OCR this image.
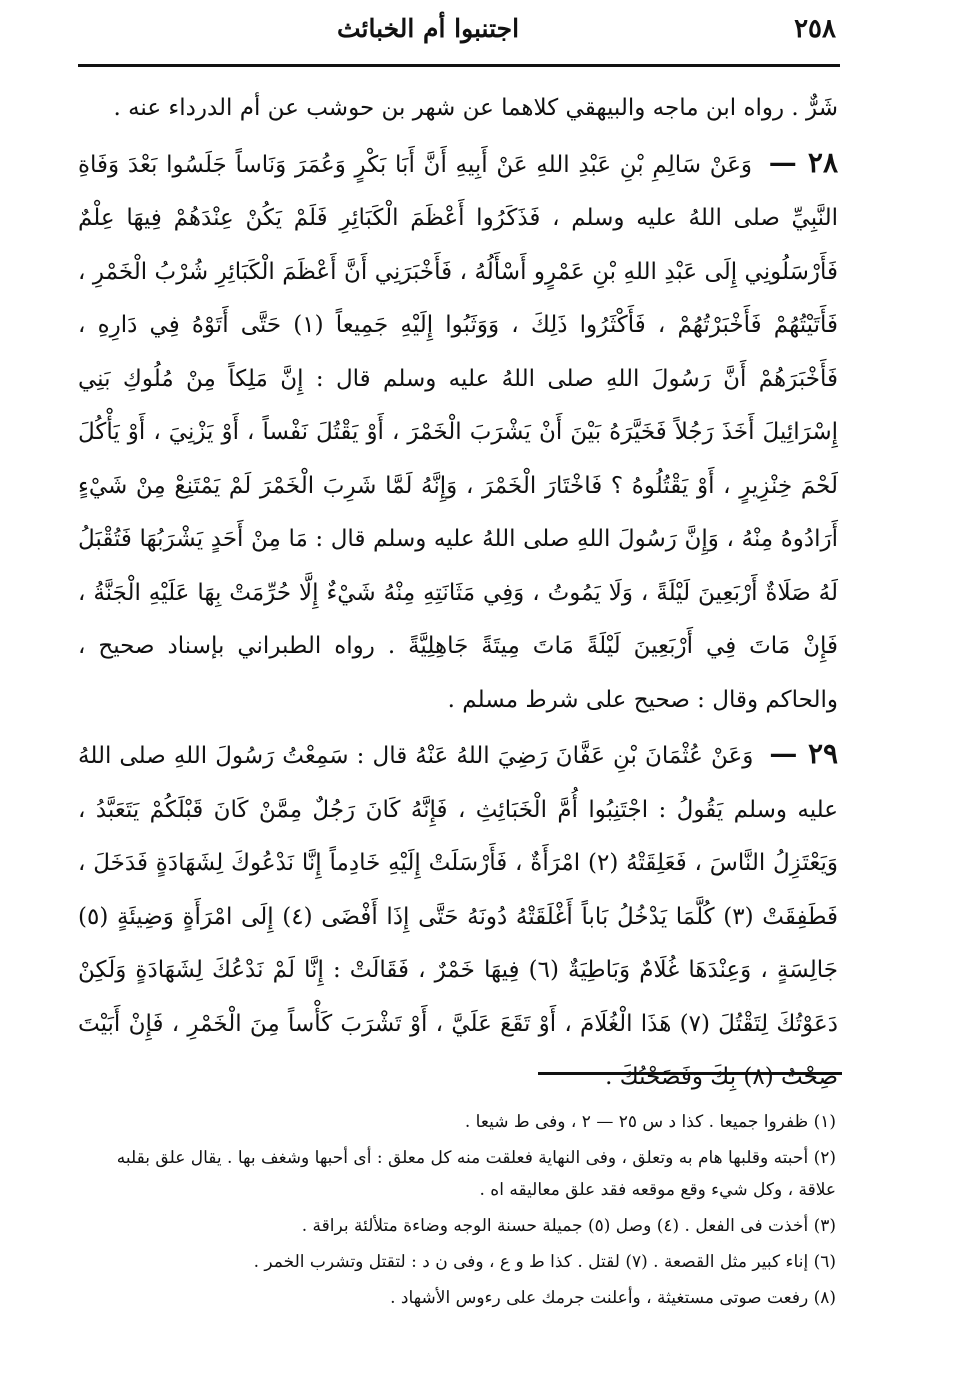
٢٥٨
اجتنبوا أم الخبائث

شَرٌّ . رواه ابن ماجه والبيهقي كلاهما عن شهر بن حوشب عن أم الدرداء عنه .

٢٨ — وَعَنْ سَالِمِ بْنِ عَبْدِ اللهِ عَنْ أَبِيهِ أَنَّ أَبَا بَكْرٍ وَعُمَرَ وَنَاساً جَلَسُوا بَعْدَ وَفَاةِ النَّبِيِّ صلى اللهُ عليه وسلم ، فَذَكَرُوا أَعْظَمَ الْكَبَائِرِ فَلَمْ يَكُنْ عِنْدَهُمْ فِيهَا عِلْمٌ فَأَرْسَلُونِي إِلَى عَبْدِ اللهِ بْنِ عَمْرٍو أَسْأَلُهُ ، فَأَخْبَرَنِي أَنَّ أَعْظَمَ الْكَبَائِرِ شُرْبُ الْخَمْرِ ، فَأَتَيْتُهُمْ فَأَخْبَرْتُهُمْ ، فَأَكْثَرُوا ذَلِكَ ، وَوَثَبُوا إِلَيْهِ جَمِيعاً (١) حَتَّى أَتَوْهُ فِي دَارِهِ ، فَأَخْبَرَهُمْ أَنَّ رَسُولَ اللهِ صلى اللهُ عليه وسلم قال : إِنَّ مَلِكاً مِنْ مُلُوكِ بَنِي إِسْرَائِيلَ أَخَذَ رَجُلاً فَخَيَّرَهُ بَيْنَ أَنْ يَشْرَبَ الْخَمْرَ ، أَوْ يَقْتُلَ نَفْساً ، أَوْ يَزْنِيَ ، أَوْ يَأْكُلَ لَحْمَ خِنْزِيرٍ ، أَوْ يَقْتُلُوهُ ؟ فَاخْتَارَ الْخَمْرَ ، وَإِنَّهُ لَمَّا شَرِبَ الْخَمْرَ لَمْ يَمْتَنِعْ مِنْ شَيْءٍ أَرَادُوهُ مِنْهُ ، وَإِنَّ رَسُولَ اللهِ صلى اللهُ عليه وسلم قال : مَا مِنْ أَحَدٍ يَشْرَبُهَا فَتُقْبَلُ لَهُ صَلَاةٌ أَرْبَعِينَ لَيْلَةً ، وَلَا يَمُوتُ ، وَفِي مَثَانَتِهِ مِنْهُ شَيْءٌ إِلَّا حُرِّمَتْ بِهَا عَلَيْهِ الْجَنَّةُ ، فَإِنْ مَاتَ فِي أَرْبَعِينَ لَيْلَةً مَاتَ مِيتَةً جَاهِلِيَّةً . رواه الطبراني بإسناد صحيح ، والحاكم وقال : صحيح على شرط مسلم .

٢٩ — وَعَنْ عُثْمَانَ بْنِ عَفَّانَ رَضِيَ اللهُ عَنْهُ قال : سَمِعْتُ رَسُولَ اللهِ صلى اللهُ عليه وسلم يَقُولُ : اجْتَنِبُوا أُمَّ الْخَبَائِثِ ، فَإِنَّهُ كَانَ رَجُلٌ مِمَّنْ كَانَ قَبْلَكُمْ يَتَعَبَّدُ ، وَيَعْتَزِلُ النَّاسَ ، فَعَلِقَتْهُ (٢) امْرَأَةٌ ، فَأَرْسَلَتْ إِلَيْهِ خَادِماً إِنَّا نَدْعُوكَ لِشَهَادَةٍ فَدَخَلَ ، فَطَفِقَتْ (٣) كُلَّمَا يَدْخُلُ بَاباً أَغْلَقَتْهُ دُونَهُ حَتَّى إِذَا أَفْضَى (٤) إِلَى امْرَأَةٍ وَضِيئَةٍ (٥) جَالِسَةٍ ، وَعِنْدَهَا غُلَامٌ وَبَاطِيَةٌ (٦) فِيهَا خَمْرٌ ، فَقَالَتْ : إِنَّا لَمْ نَدْعُكَ لِشَهَادَةٍ وَلَكِنْ دَعَوْتُكَ لِتَقْتُلَ (٧) هَذَا الْغُلَامَ ، أَوْ تَقَعَ عَلَيَّ ، أَوْ تَشْرَبَ كَأْساً مِنَ الْخَمْرِ ، فَإِنْ أَبَيْتَ صِحْتُ (٨) بِكَ وَفَضَحْتُكَ .

(١) ظفروا جميعا . كذا د س ٢٥ — ٢ ، وفى ط شيعا .

(٢) أحبته وقلبها هام به وتعلق ، وفى النهاية فعلقت منه كل معلق : أى أحبها وشغف بها . يقال علق بقلبه علاقة ، وكل شيء وقع موقعه فقد علق معاليقه اه .

(٣) أخذت فى الفعل . (٤) وصل (٥) جميلة حسنة الوجه وضاءة متلألئة براقة .

(٦) إناء كبير مثل القصعة . (٧) لقتل . كذا ط و ع ، وفى ن د : لتقتل وتشرب الخمر .

(٨) رفعت صوتى مستغيثة ، وأعلنت جرمك على رءوس الأشهاد .
